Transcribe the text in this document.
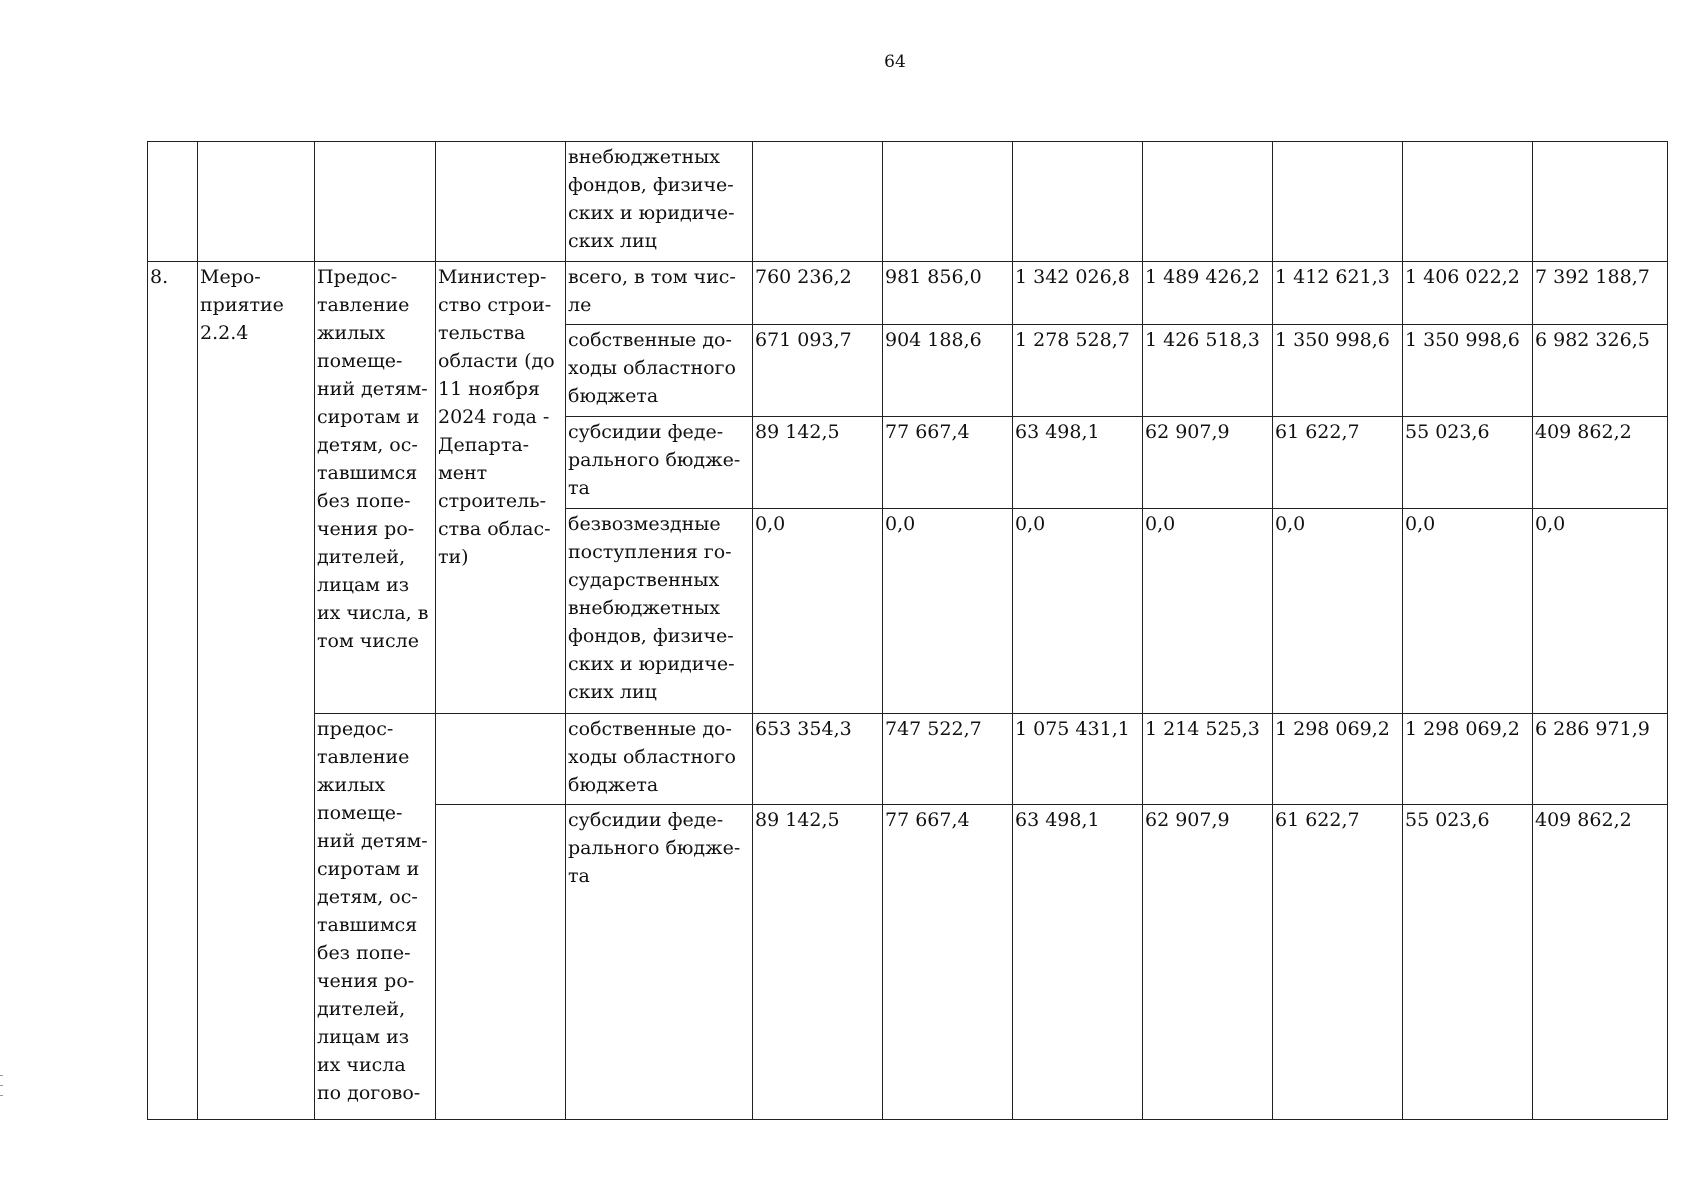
64
				внебюджетных фондов, физиче-ских и юридиче-ских лиц							
8.	Меро-приятие 2.2.4	Предос-тавление жилых помеще-ний детям-сиротам и детям, ос-тавшимся без попе-чения ро-дителей, лицам из их числа, в том числе	Министер-ство строи-тельства области (до 11 ноября 2024 года - Департа-мент строитель-ства облас-ти)	всего, в том чис-ле	760 236,2	981 856,0	1 342 026,8	1 489 426,2	1 412 621,3	1 406 022,2	7 392 188,7
				собственные до-ходы областного бюджета	671 093,7	904 188,6	1 278 528,7	1 426 518,3	1 350 998,6	1 350 998,6	6 982 326,5
				субсидии феде-рального бюдже-та	89 142,5	77 667,4	63 498,1	62 907,9	61 622,7	55 023,6	409 862,2
				безвозмездные поступления го-сударственных внебюджетных фондов, физиче-ских и юридиче-ских лиц	0,0	0,0	0,0	0,0	0,0	0,0	0,0
		предос-тавление жилых помеще-ний детям-сиротам и детям, ос-тавшимся без попе-чения ро-дителей, лицам из их числа по догово-		собственные до-ходы областного бюджета	653 354,3	747 522,7	1 075 431,1	1 214 525,3	1 298 069,2	1 298 069,2	6 286 971,9
				субсидии феде-рального бюдже-та	89 142,5	77 667,4	63 498,1	62 907,9	61 622,7	55 023,6	409 862,2
